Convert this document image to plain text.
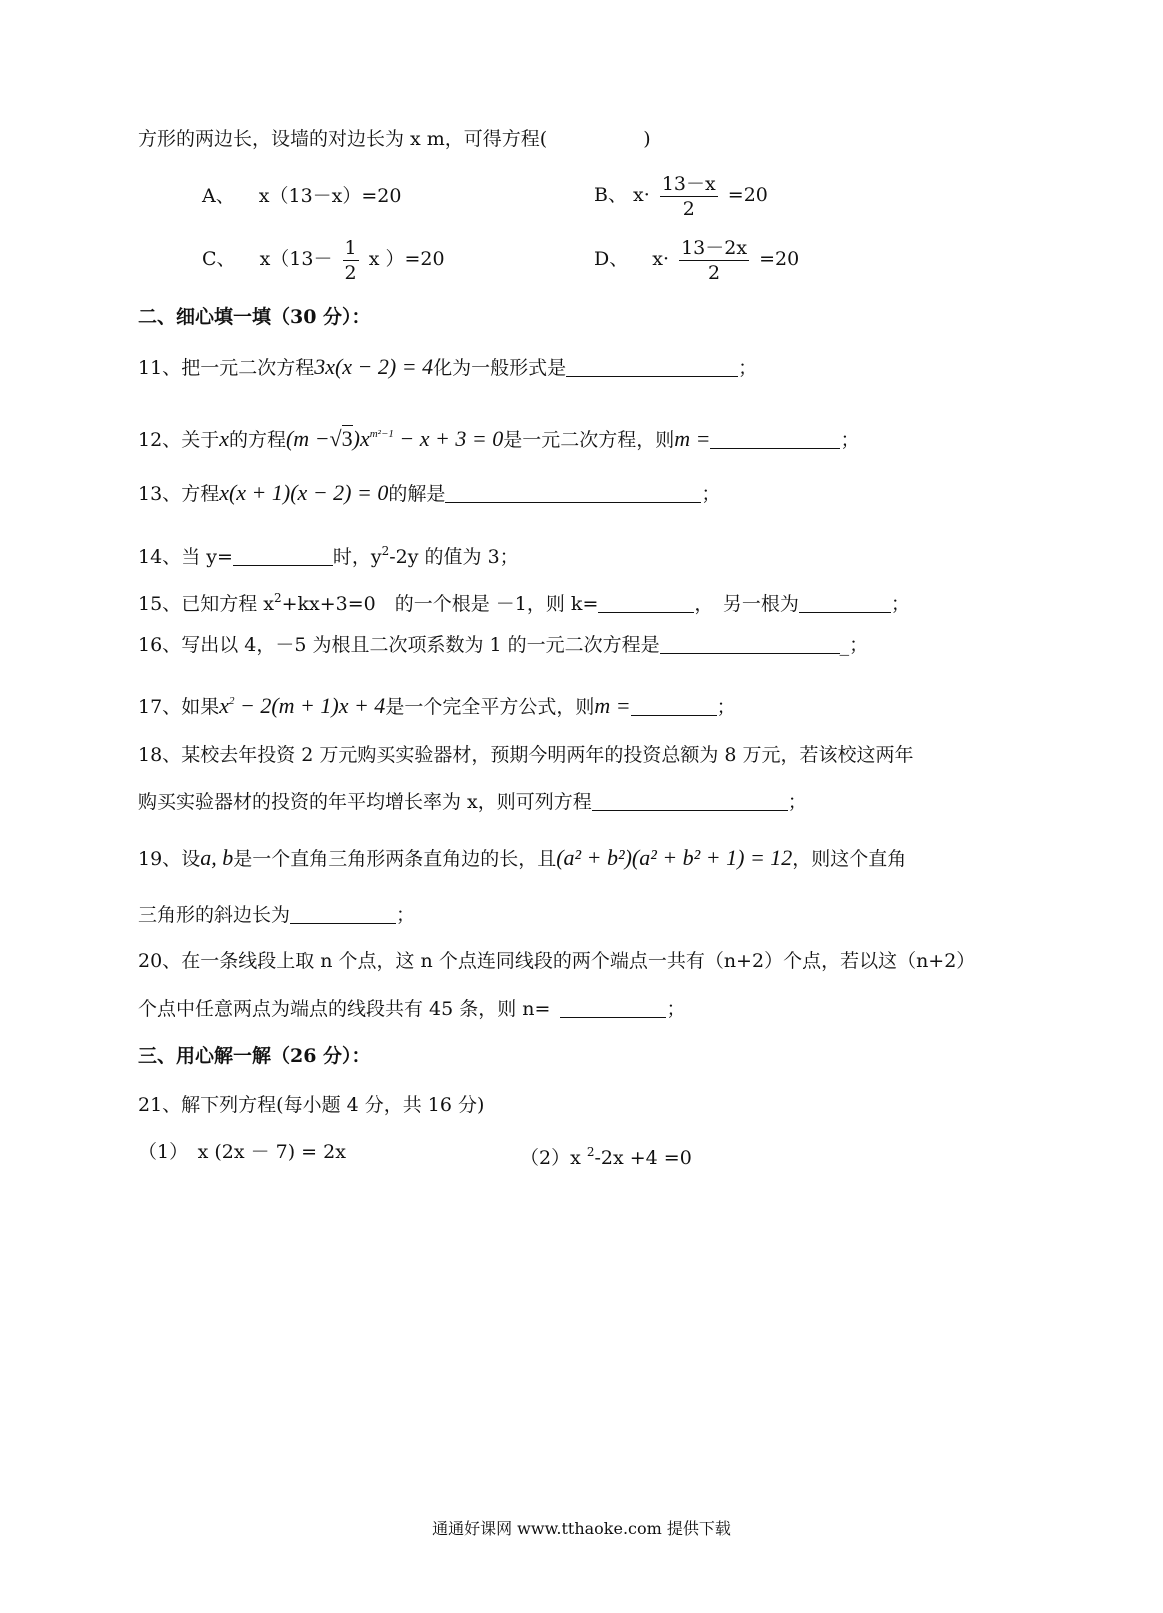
方形的两边长，设墙的对边长为 x m，可得方程(	)
A、 x（13－x）=20	B、 $x\cdot \frac{13-x}{2} =20$
C、 $x(13- \frac{1}{2}$ x ）=20	D、 $x\cdot \frac{13-2x}{2} =20$
二、细心填一填（30 分）：
11、把一元二次方程3x(x − 2) = 4化为一般形式是	；
12、关于x的方程$(m -√3)x^{m^2-1} - x + 3 = 0$是一元二次方程，则m =	；
13、方程x(x + 1)(x − 2) = 0的解是	；
14、当 y=	时，$y^2-2y$ 的值为 3；
15、已知方程 $x^2+kx+3=0$　的一个根是 －1，则 k=	，　另一根为	；
16、写出以 4，－5 为根且二次项系数为 1 的一元二次方程是	_；
17、如果$x^2 - 2(m + 1)x + 4$是一个完全平方公式，则m =	；
18、某校去年投资 2 万元购买实验器材，预期今明两年的投资总额为 8 万元，若该校这两年
购买实验器材的投资的年平均增长率为 x，则可列方程	；
19、设a, b是一个直角三角形两条直角边的长，且(a² + b²)(a² + b² + 1) = 12，则这个直角
三角形的斜边长为	；
20、在一条线段上取 n 个点，这 n 个点连同线段的两个端点一共有（n+2）个点，若以这（n+2）
个点中任意两点为端点的线段共有 45 条，则 n=	；
三、用心解一解（26 分）：
21、解下列方程(每小题 4 分，共 16 分)
（1）　x (2x － 7) = 2x	（2）x $^2$-2x +4 =0
通通好课网 www.tthaoke.com 提供下载
